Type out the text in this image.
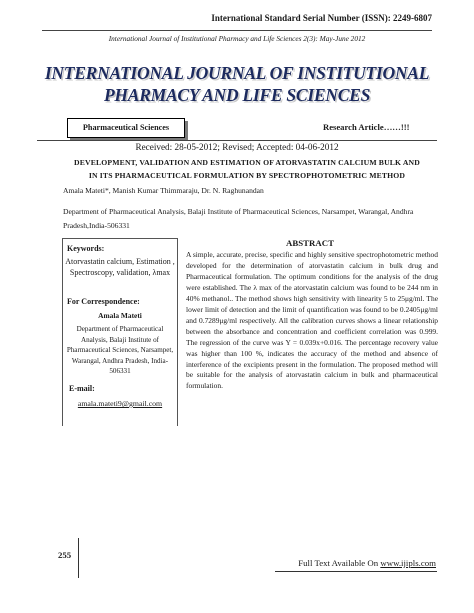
International Standard Serial Number (ISSN): 2249-6807
International Journal of Institutional Pharmacy and Life Sciences 2(3): May-June 2012
INTERNATIONAL JOURNAL OF INSTITUTIONAL
PHARMACY AND LIFE SCIENCES
Pharmaceutical Sciences	Research Article……!!!
Received: 28-05-2012; Revised; Accepted: 04-06-2012
DEVELOPMENT, VALIDATION AND ESTIMATION OF ATORVASTATIN CALCIUM BULK AND
IN ITS PHARMACEUTICAL FORMULATION BY SPECTROPHOTOMETRIC METHOD
Amala Mateti*, Manish Kumar Thimmaraju, Dr. N. Raghunandan
Department of Pharmaceutical Analysis, Balaji Institute of Pharmaceutical Sciences, Narsampet, Warangal, Andhra Pradesh,India-506331
Keywords:
Atorvastatin calcium, Estimation , Spectroscopy, validation, λmax
For Correspondence:
Amala Mateti
Department of Pharmaceutical Analysis, Balaji Institute of Pharmaceutical Sciences, Narsampet, Warangal, Andhra Pradesh, India-506331
E-mail:
amala.mateti9@gmail.com
ABSTRACT
A simple, accurate, precise, specific and highly sensitive spectrophotometric method developed for the determination of atorvastatin calcium in bulk drug and Pharmaceutical formulation. The optimum conditions for the analysis of the drug were established. The λ max of the atorvastatin calcium was found to be 244 nm in 40% methanol.. The method shows high sensitivity with linearity 5 to 25μg/ml. The lower limit of detection and the limit of quantification was found to be 0.2405μg/ml and 0.7289μg/ml respectively. All the calibration curves shows a linear relationship between the absorbance and concentration and coefficient correlation was 0.999. The regression of the curve was Y = 0.039x+0.016. The percentage recovery value was higher than 100 %, indicates the accuracy of the method and absence of interference of the excipients present in the formulation. The proposed method will be suitable for the analysis of atorvastatin calcium in bulk and pharmaceutical formulation.
255
Full Text Available On www.ijipls.com
